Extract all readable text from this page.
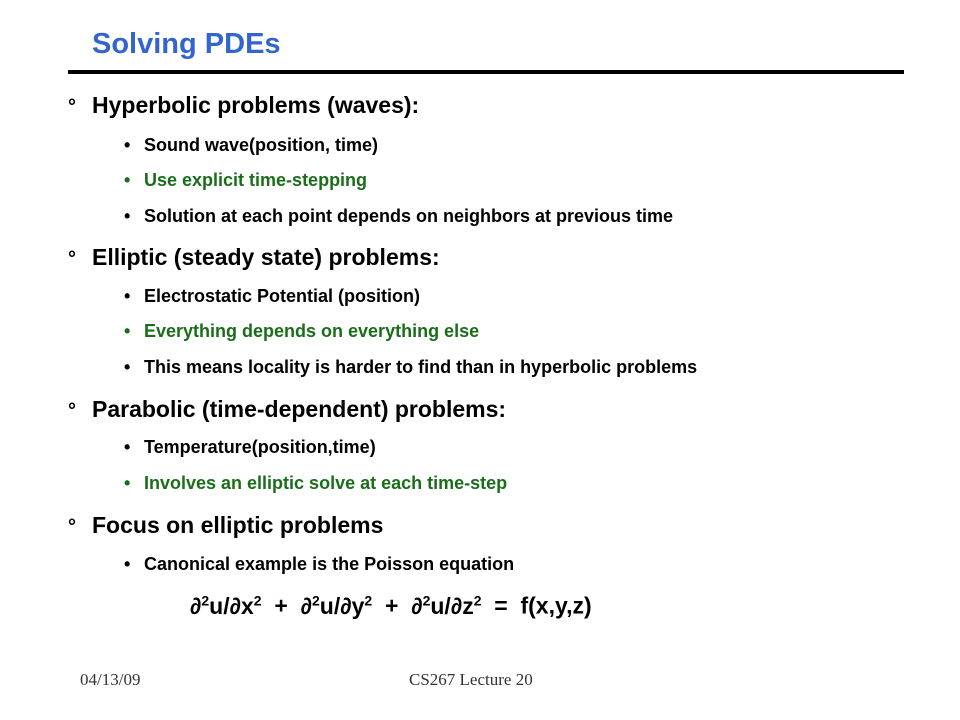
Solving PDEs
° Hyperbolic problems (waves):
• Sound wave(position, time)
• Use explicit time-stepping
• Solution at each point depends on neighbors at previous time
° Elliptic (steady state) problems:
• Electrostatic Potential (position)
• Everything depends on everything else
• This means locality is harder to find than in hyperbolic problems
° Parabolic (time-dependent) problems:
• Temperature(position,time)
• Involves an elliptic solve at each time-step
° Focus on elliptic problems
• Canonical example is the Poisson equation
$\partial^2u/\partial x^2 + \partial^2u/\partial y^2 + \partial^2u/\partial z^2 = f(x,y,z)$
04/13/09	CS267 Lecture 20
